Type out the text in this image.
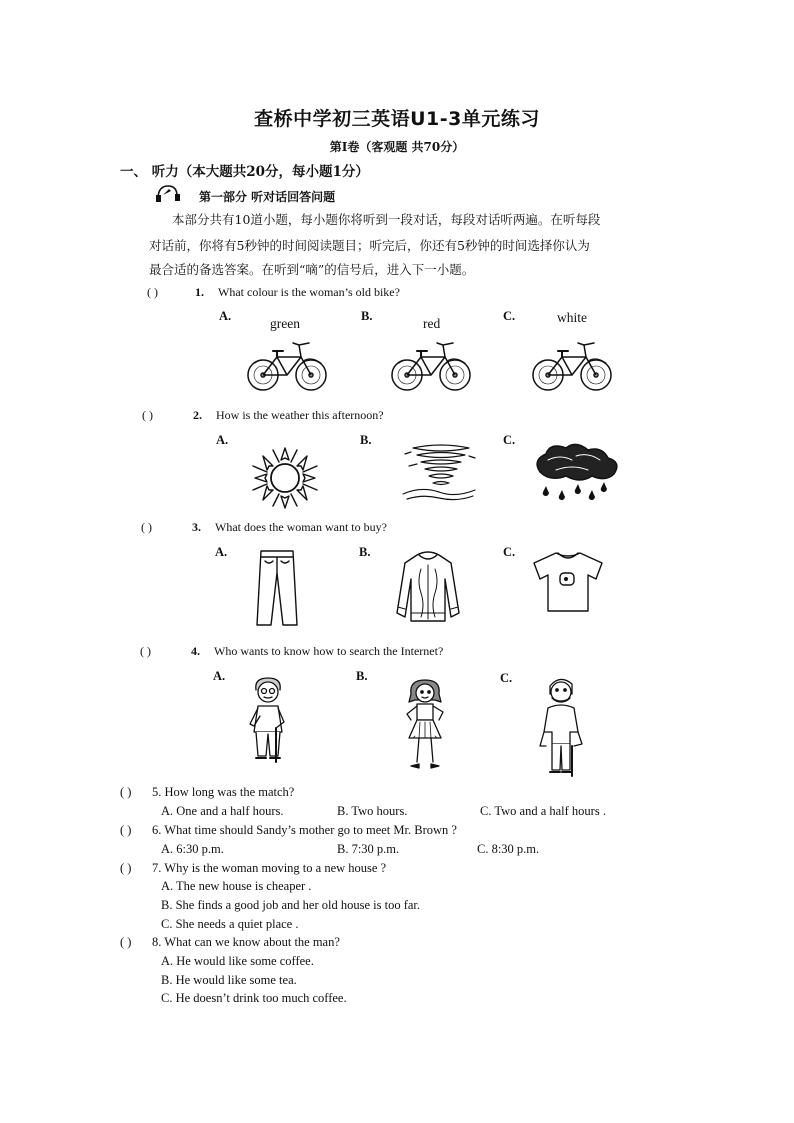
查桥中学初三英语U1-3单元练习
第Ⅰ卷（客观题 共70分）
一、 听力（本大题共20分，每小题1分）
第一部分 听对话回答问题
本部分共有10道小题，每小题你将听到一段对话，每段对话听两遍。在听每段
对话前，你将有5秒钟的时间阅读题目；听完后，你还有5秒钟的时间选择你认为
最合适的备选答案。在听到“嘀”的信号后，进入下一小题。
( )	1. What colour is the woman’s old bike?
A.	green	B.	red	C.	white
( )	2. How is the weather this afternoon?
A.	B.	C.
( )	3. What does the woman want to buy?
A.	B.	C.
( )	4. Who wants to know how to search the Internet?
A.	B.	C.
( ) 5. How long was the match?
A. One and a half hours.	B. Two hours.	C. Two and a half hours .
( ) 6. What time should Sandy’s mother go to meet Mr. Brown ?
A. 6:30 p.m.	B. 7:30 p.m.	C. 8:30 p.m.
( ) 7. Why is the woman moving to a new house ?
A. The new house is cheaper .
B. She finds a good job and her old house is too far.
C. She needs a quiet place .
( ) 8. What can we know about the man?
A. He would like some coffee.
B. He would like some tea.
C. He doesn’t drink too much coffee.
